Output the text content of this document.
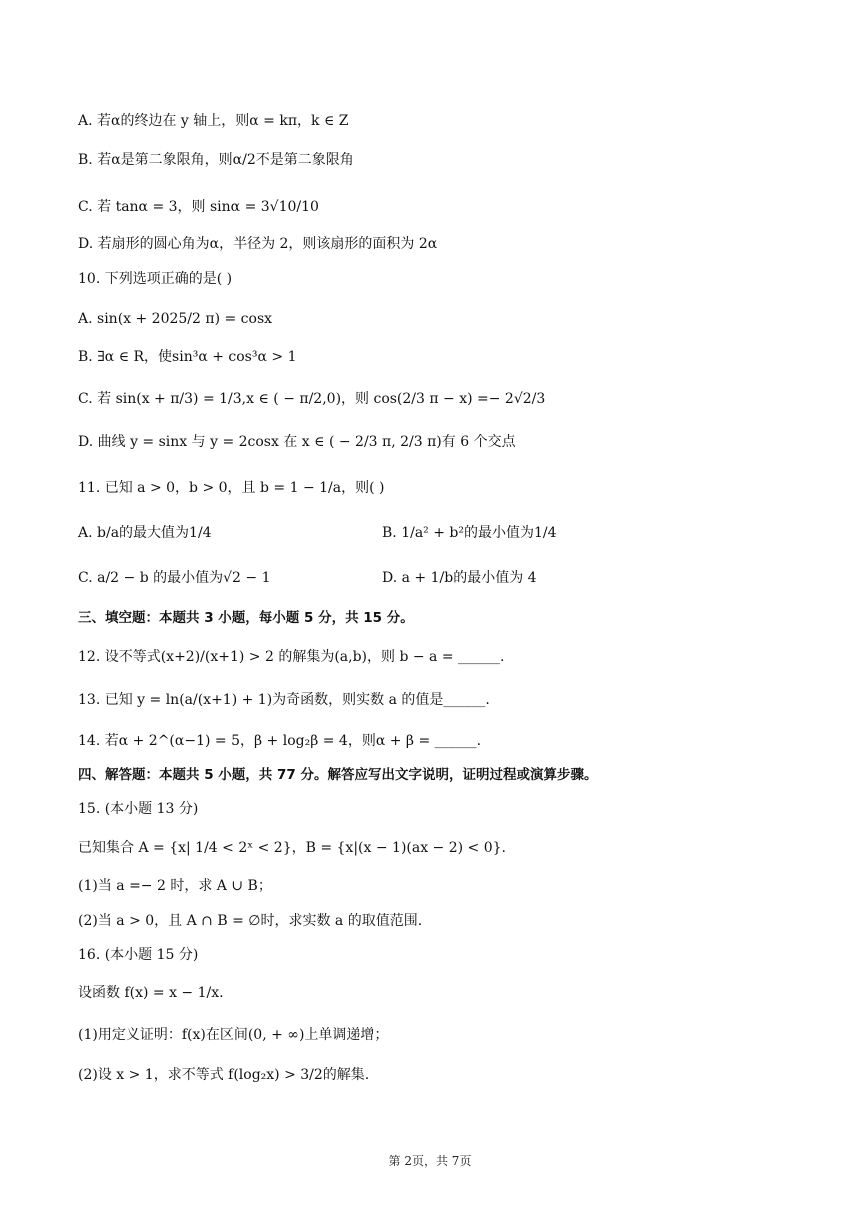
A. 若α的终边在 y 轴上，则α = kπ，k ∈ Z
B. 若α是第二象限角，则α/2不是第二象限角
C. 若 tanα = 3，则 sinα = 3√10/10
D. 若扇形的圆心角为α，半径为 2，则该扇形的面积为 2α
10. 下列选项正确的是( )
A. sin(x + 2025/2 π) = cosx
B. ∃α ∈ R，使sin³α + cos³α > 1
C. 若 sin(x + π/3) = 1/3,x ∈ ( − π/2,0)，则 cos(2/3 π − x) =− 2√2/3
D. 曲线 y = sinx 与 y = 2cosx 在 x ∈ ( − 2/3 π, 2/3 π)有 6 个交点
11. 已知 a > 0，b > 0，且 b = 1 − 1/a，则( )
A. b/a的最大值为1/4	B. 1/a² + b²的最小值为1/4
C. a/2 − b 的最小值为√2 − 1	D. a + 1/b的最小值为 4
三、填空题：本题共 3 小题，每小题 5 分，共 15 分。
12. 设不等式(x+2)/(x+1) > 2 的解集为(a,b)，则 b − a = ______.
13. 已知 y = ln(a/(x+1) + 1)为奇函数，则实数 a 的值是______.
14. 若α + 2^(α−1) = 5，β + log₂β = 4，则α + β = ______.
四、解答题：本题共 5 小题，共 77 分。解答应写出文字说明，证明过程或演算步骤。
15. (本小题 13 分)
已知集合 A = {x| 1/4 < 2ˣ < 2}，B = {x|(x − 1)(ax − 2) < 0}.
(1)当 a =− 2 时，求 A ∪ B；
(2)当 a > 0，且 A ∩ B = ∅时，求实数 a 的取值范围.
16. (本小题 15 分)
设函数 f(x) = x − 1/x.
(1)用定义证明：f(x)在区间(0, + ∞)上单调递增；
(2)设 x > 1，求不等式 f(log₂x) > 3/2的解集.
第 2页，共 7页
